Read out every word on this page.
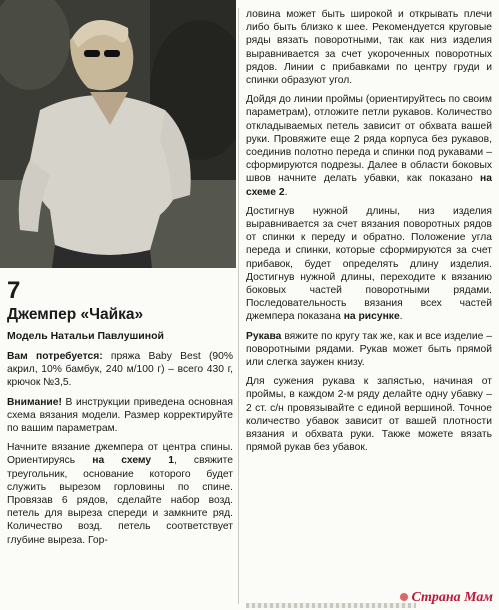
7
Джемпер «Чайка»
Модель Натальи Павлушиной

Вам потребуется: пряжа Baby Best (90% акрил, 10% бамбук, 240 м/100 г) – всего 430 г, крючок №3,5.

Внимание! В инструкции приведена основная схема вязания модели. Размер корректируйте по вашим параметрам.

Начните вязание джемпера от центра спины. Ориентируясь на схему 1, свяжите треугольник, основание которого будет служить вырезом горловины по спине. Провязав 6 рядов, сделайте набор возд. петель для выреза спереди и замкните ряд. Количество возд. петель соответствует глубине выреза. Гор-

ловина может быть широкой и открывать плечи либо быть близко к шее. Рекомендуется круговые ряды вязать поворотными, так как низ изделия выравнивается за счет укороченных поворотных рядов. Линии с прибавками по центру груди и спинки образуют угол.

Дойдя до линии проймы (ориентируйтесь по своим параметрам), отложите петли рукавов. Количество откладываемых петель зависит от обхвата вашей руки. Провяжите еще 2 ряда корпуса без рукавов, соединив полотно переда и спинки под рукавами – сформируются подрезы. Далее в области боковых швов начните делать убавки, как показано на схеме 2.

Достигнув нужной длины, низ изделия выравнивается за счет вязания поворотных рядов от спинки к переду и обратно. Положение угла переда и спинки, которые сформируются за счет прибавок, будет определять длину изделия. Достигнув нужной длины, переходите к вязанию боковых частей поворотными рядами. Последовательность вязания всех частей джемпера показана на рисунке.

Рукава вяжите по кругу так же, как и все изделие – поворотными рядами. Рукав может быть прямой или слегка заужен книзу.

Для сужения рукава к запястью, начиная от проймы, в каждом 2-м ряду делайте одну убавку – 2 ст. с/н провязывайте с единой вершиной. Точное количество убавок зависит от вашей плотности вязания и обхвата руки. Также можете вязать прямой рукав без убавок.

Страна Мам
